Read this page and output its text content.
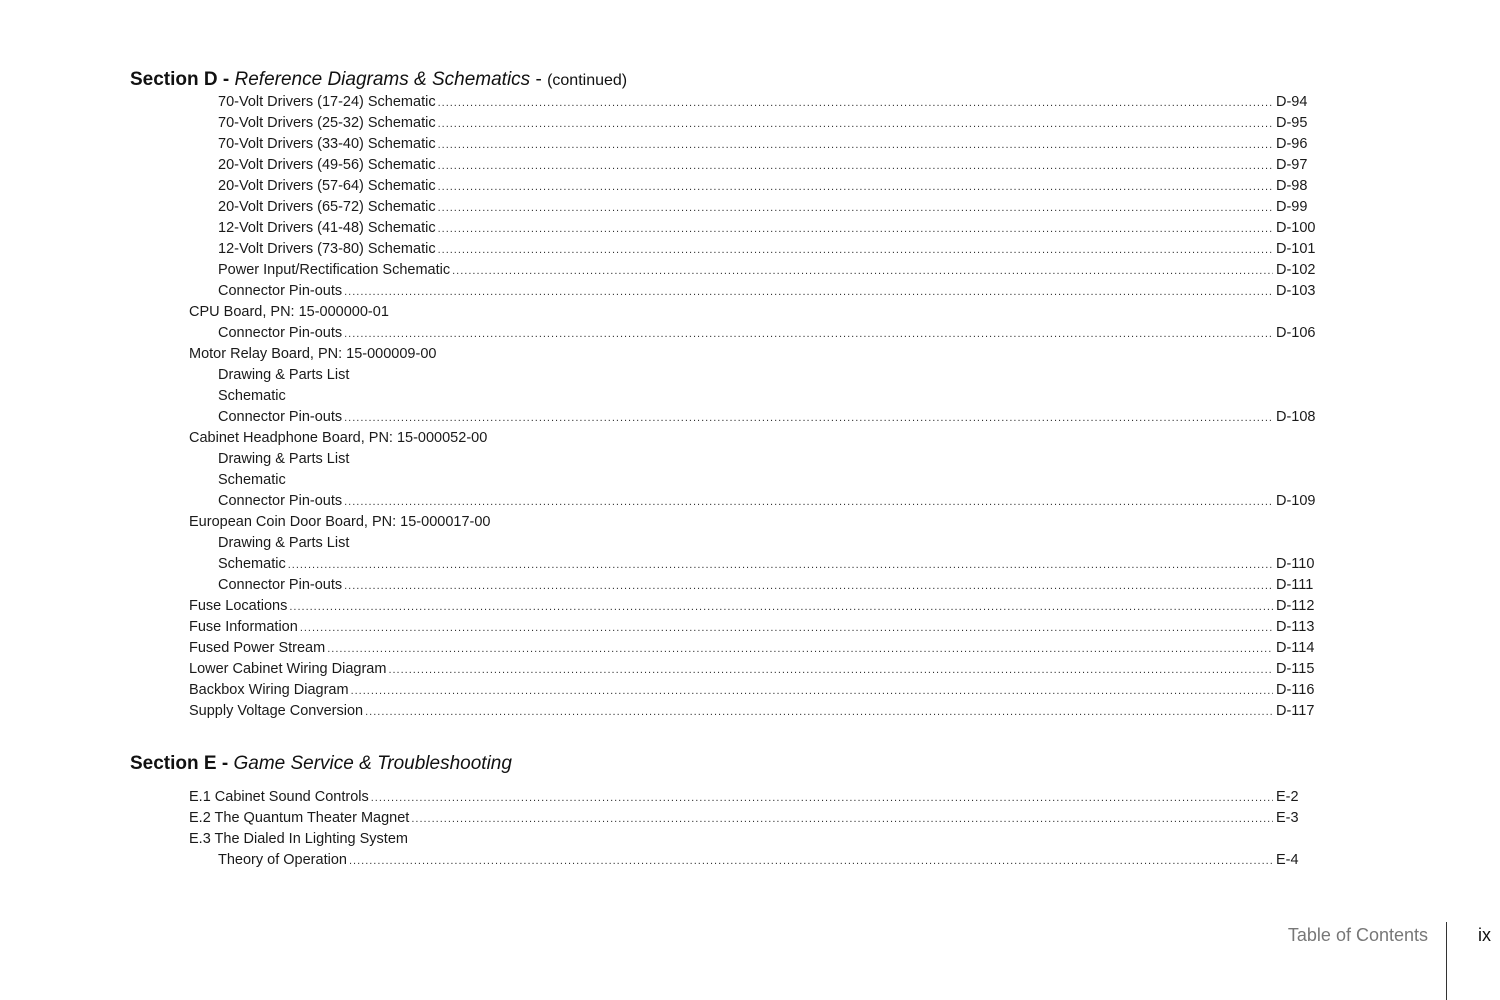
Section D - Reference Diagrams & Schematics - (continued)
70-Volt Drivers (17-24) Schematic .....	D-94
70-Volt Drivers (25-32) Schematic .....	D-95
70-Volt Drivers (33-40) Schematic .....	D-96
20-Volt Drivers (49-56) Schematic .....	D-97
20-Volt Drivers (57-64) Schematic .....	D-98
20-Volt Drivers (65-72) Schematic .....	D-99
12-Volt Drivers (41-48) Schematic .....	D-100
12-Volt Drivers (73-80) Schematic .....	D-101
Power Input/Rectification Schematic .....	D-102
Connector Pin-outs .....	D-103
CPU Board, PN: 15-000000-01
Connector Pin-outs .....	D-106
Motor Relay Board, PN: 15-000009-00
Drawing & Parts List
Schematic
Connector Pin-outs .....	D-108
Cabinet Headphone Board, PN: 15-000052-00
Drawing & Parts List
Schematic
Connector Pin-outs .....	D-109
European Coin Door Board, PN: 15-000017-00
Drawing & Parts List
Schematic .....	D-110
Connector Pin-outs .....	D-111
Fuse Locations .....	D-112
Fuse Information .....	D-113
Fused Power Stream .....	D-114
Lower Cabinet Wiring Diagram .....	D-115
Backbox Wiring Diagram .....	D-116
Supply Voltage Conversion .....	D-117
Section E - Game Service & Troubleshooting
E.1 Cabinet Sound Controls .....	E-2
E.2 The Quantum Theater Magnet .....	E-3
E.3 The Dialed In Lighting System
Theory of Operation .....	E-4
Table of Contents	ix
